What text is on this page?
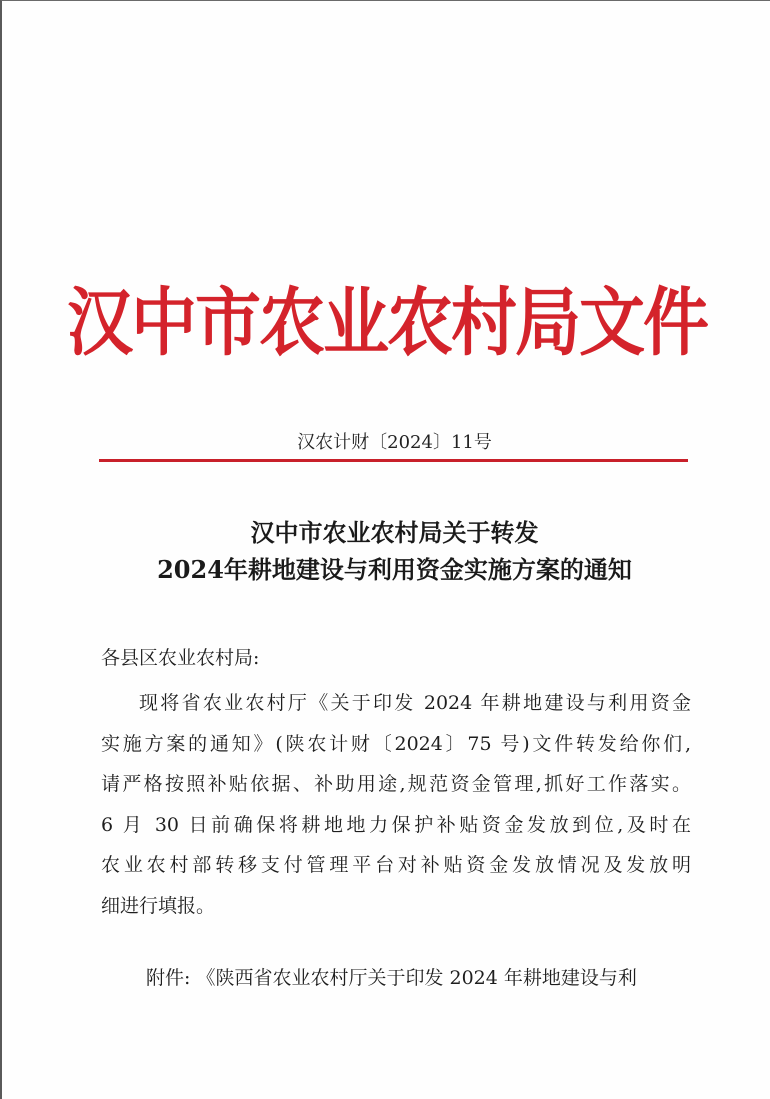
汉中市农业农村局文件
汉农计财〔2024〕11号
汉中市农业农村局关于转发
2024年耕地建设与利用资金实施方案的通知
各县区农业农村局:
现将省农业农村厅《关于印发 2024 年耕地建设与利用资金
实施方案的通知》(陕农计财〔2024〕75 号)文件转发给你们,
请严格按照补贴依据、补助用途,规范资金管理,抓好工作落实。
6 月 30 日前确保将耕地地力保护补贴资金发放到位,及时在
农业农村部转移支付管理平台对补贴资金发放情况及发放明
细进行填报。
附件: 《陕西省农业农村厅关于印发 2024 年耕地建设与利
